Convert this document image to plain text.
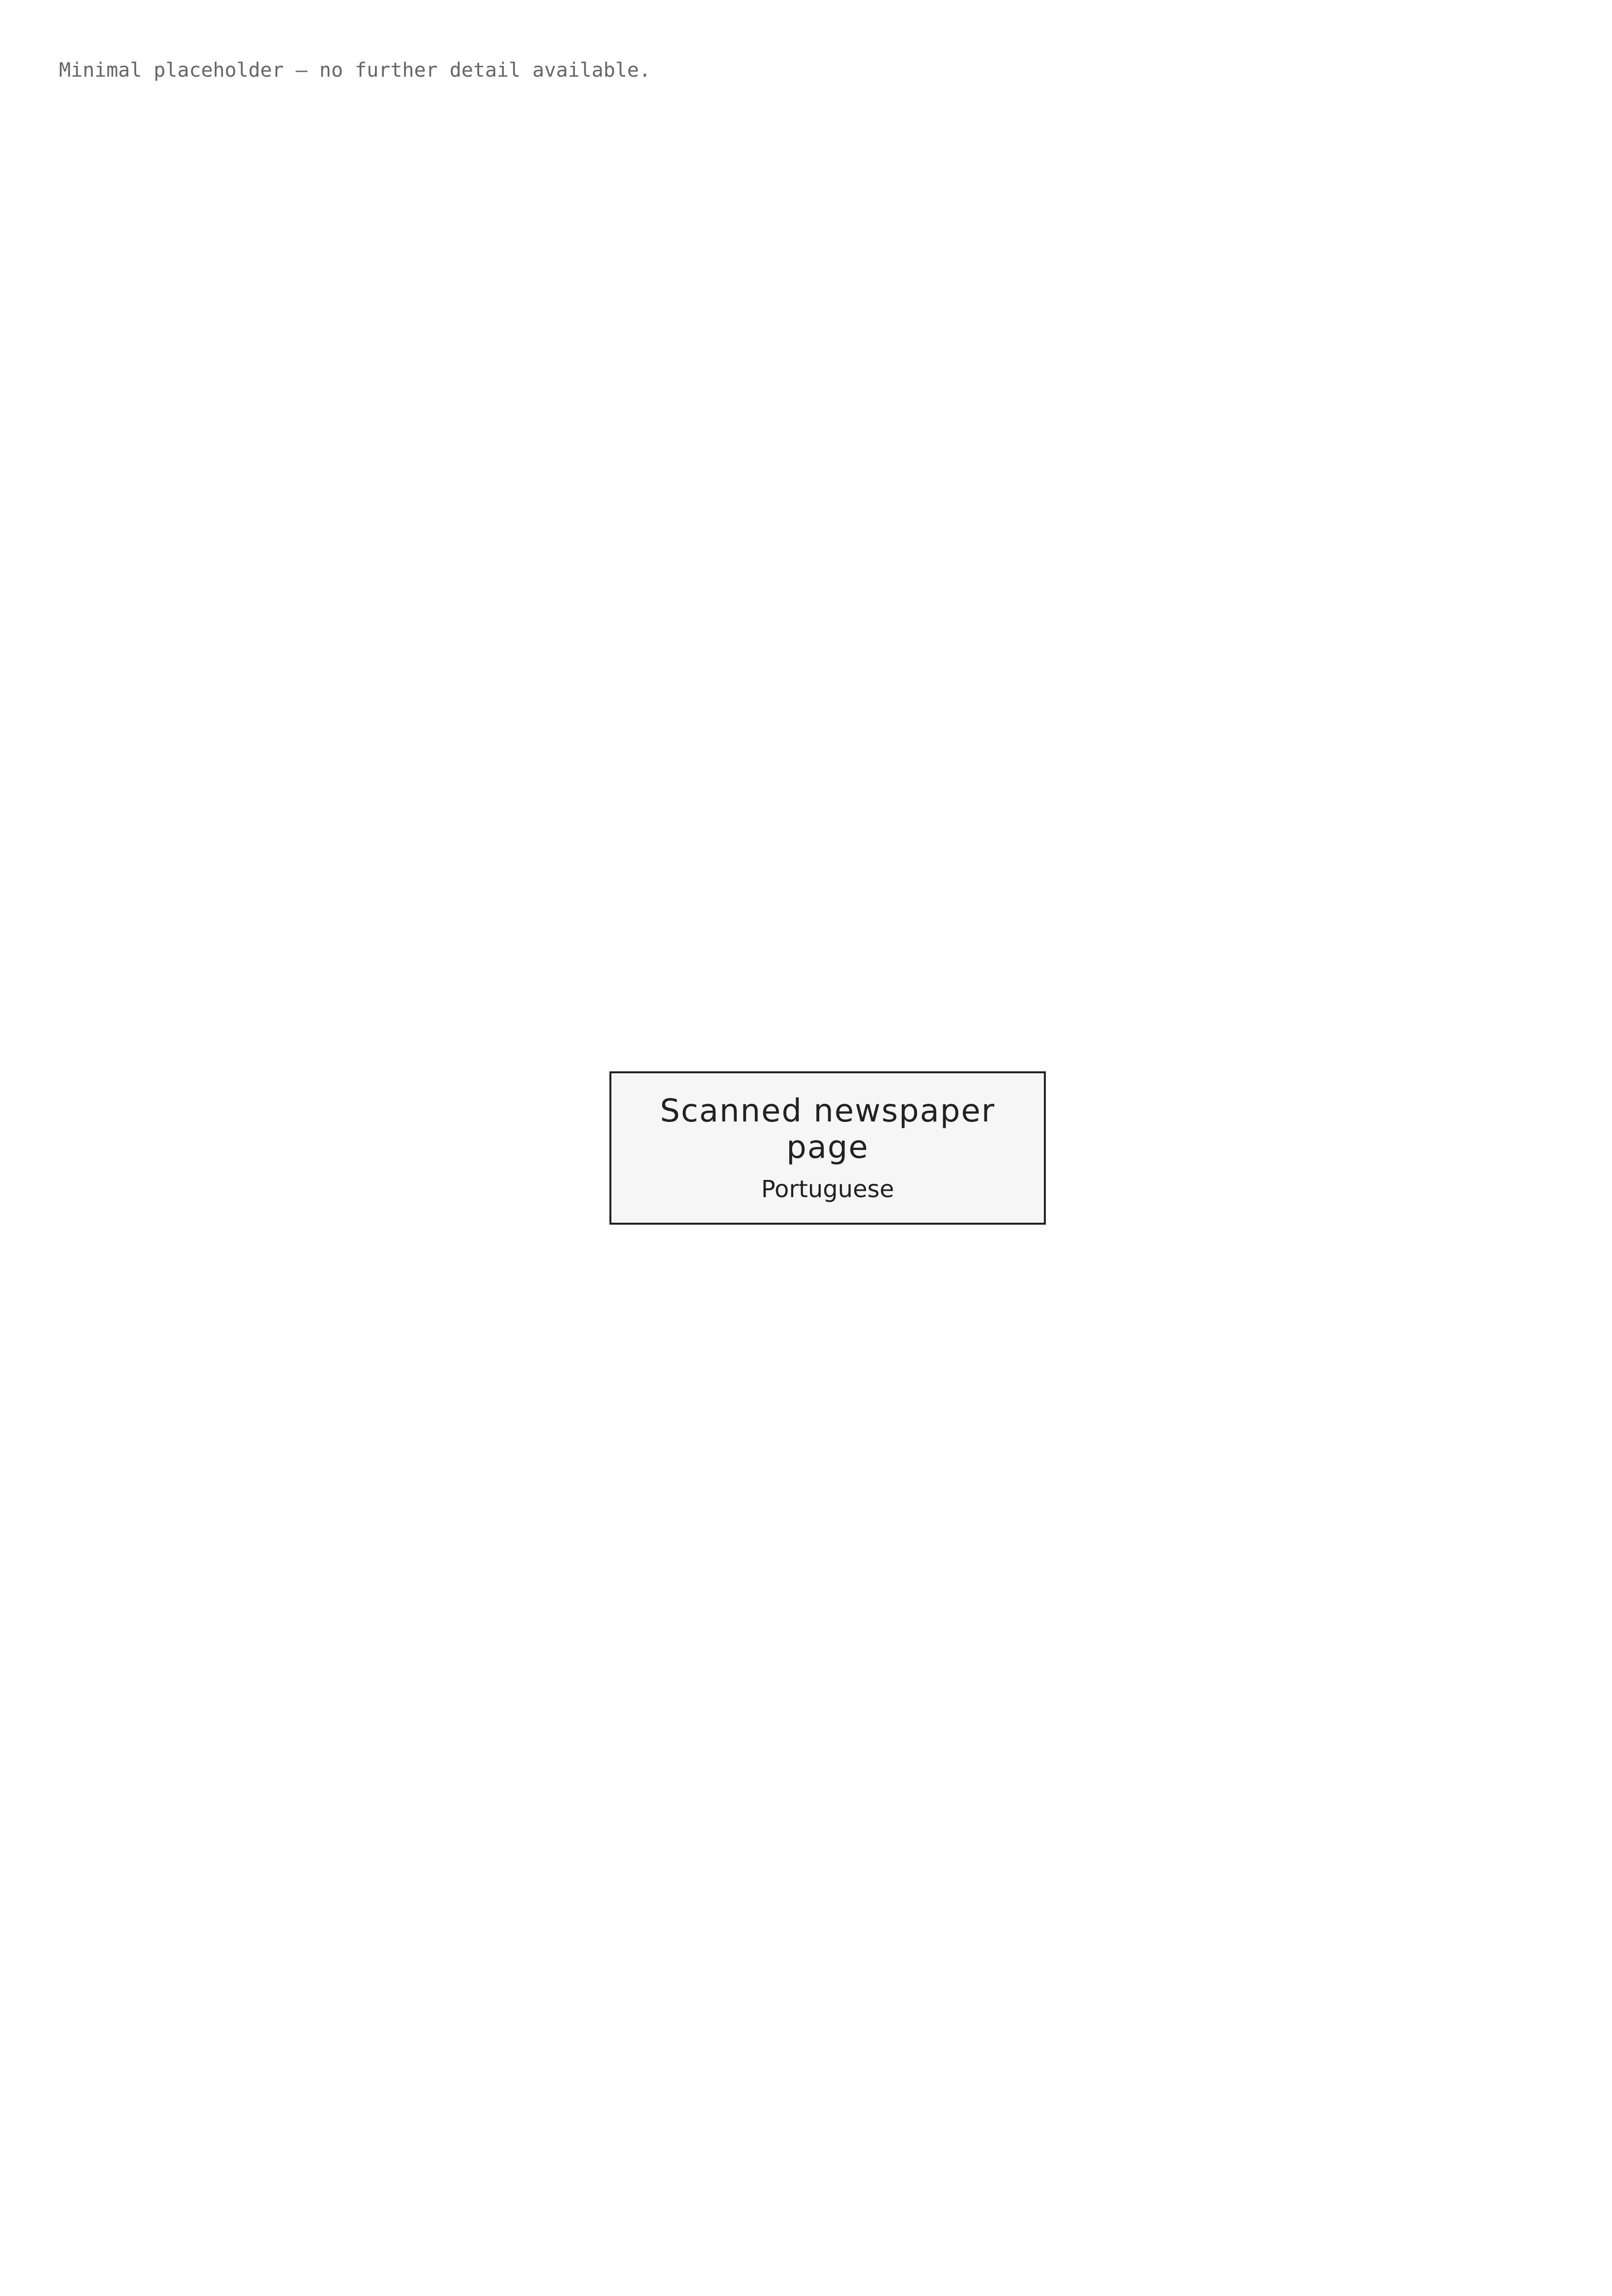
Minimal placeholder — no further detail available.
Scanned newspaper page
Portuguese
